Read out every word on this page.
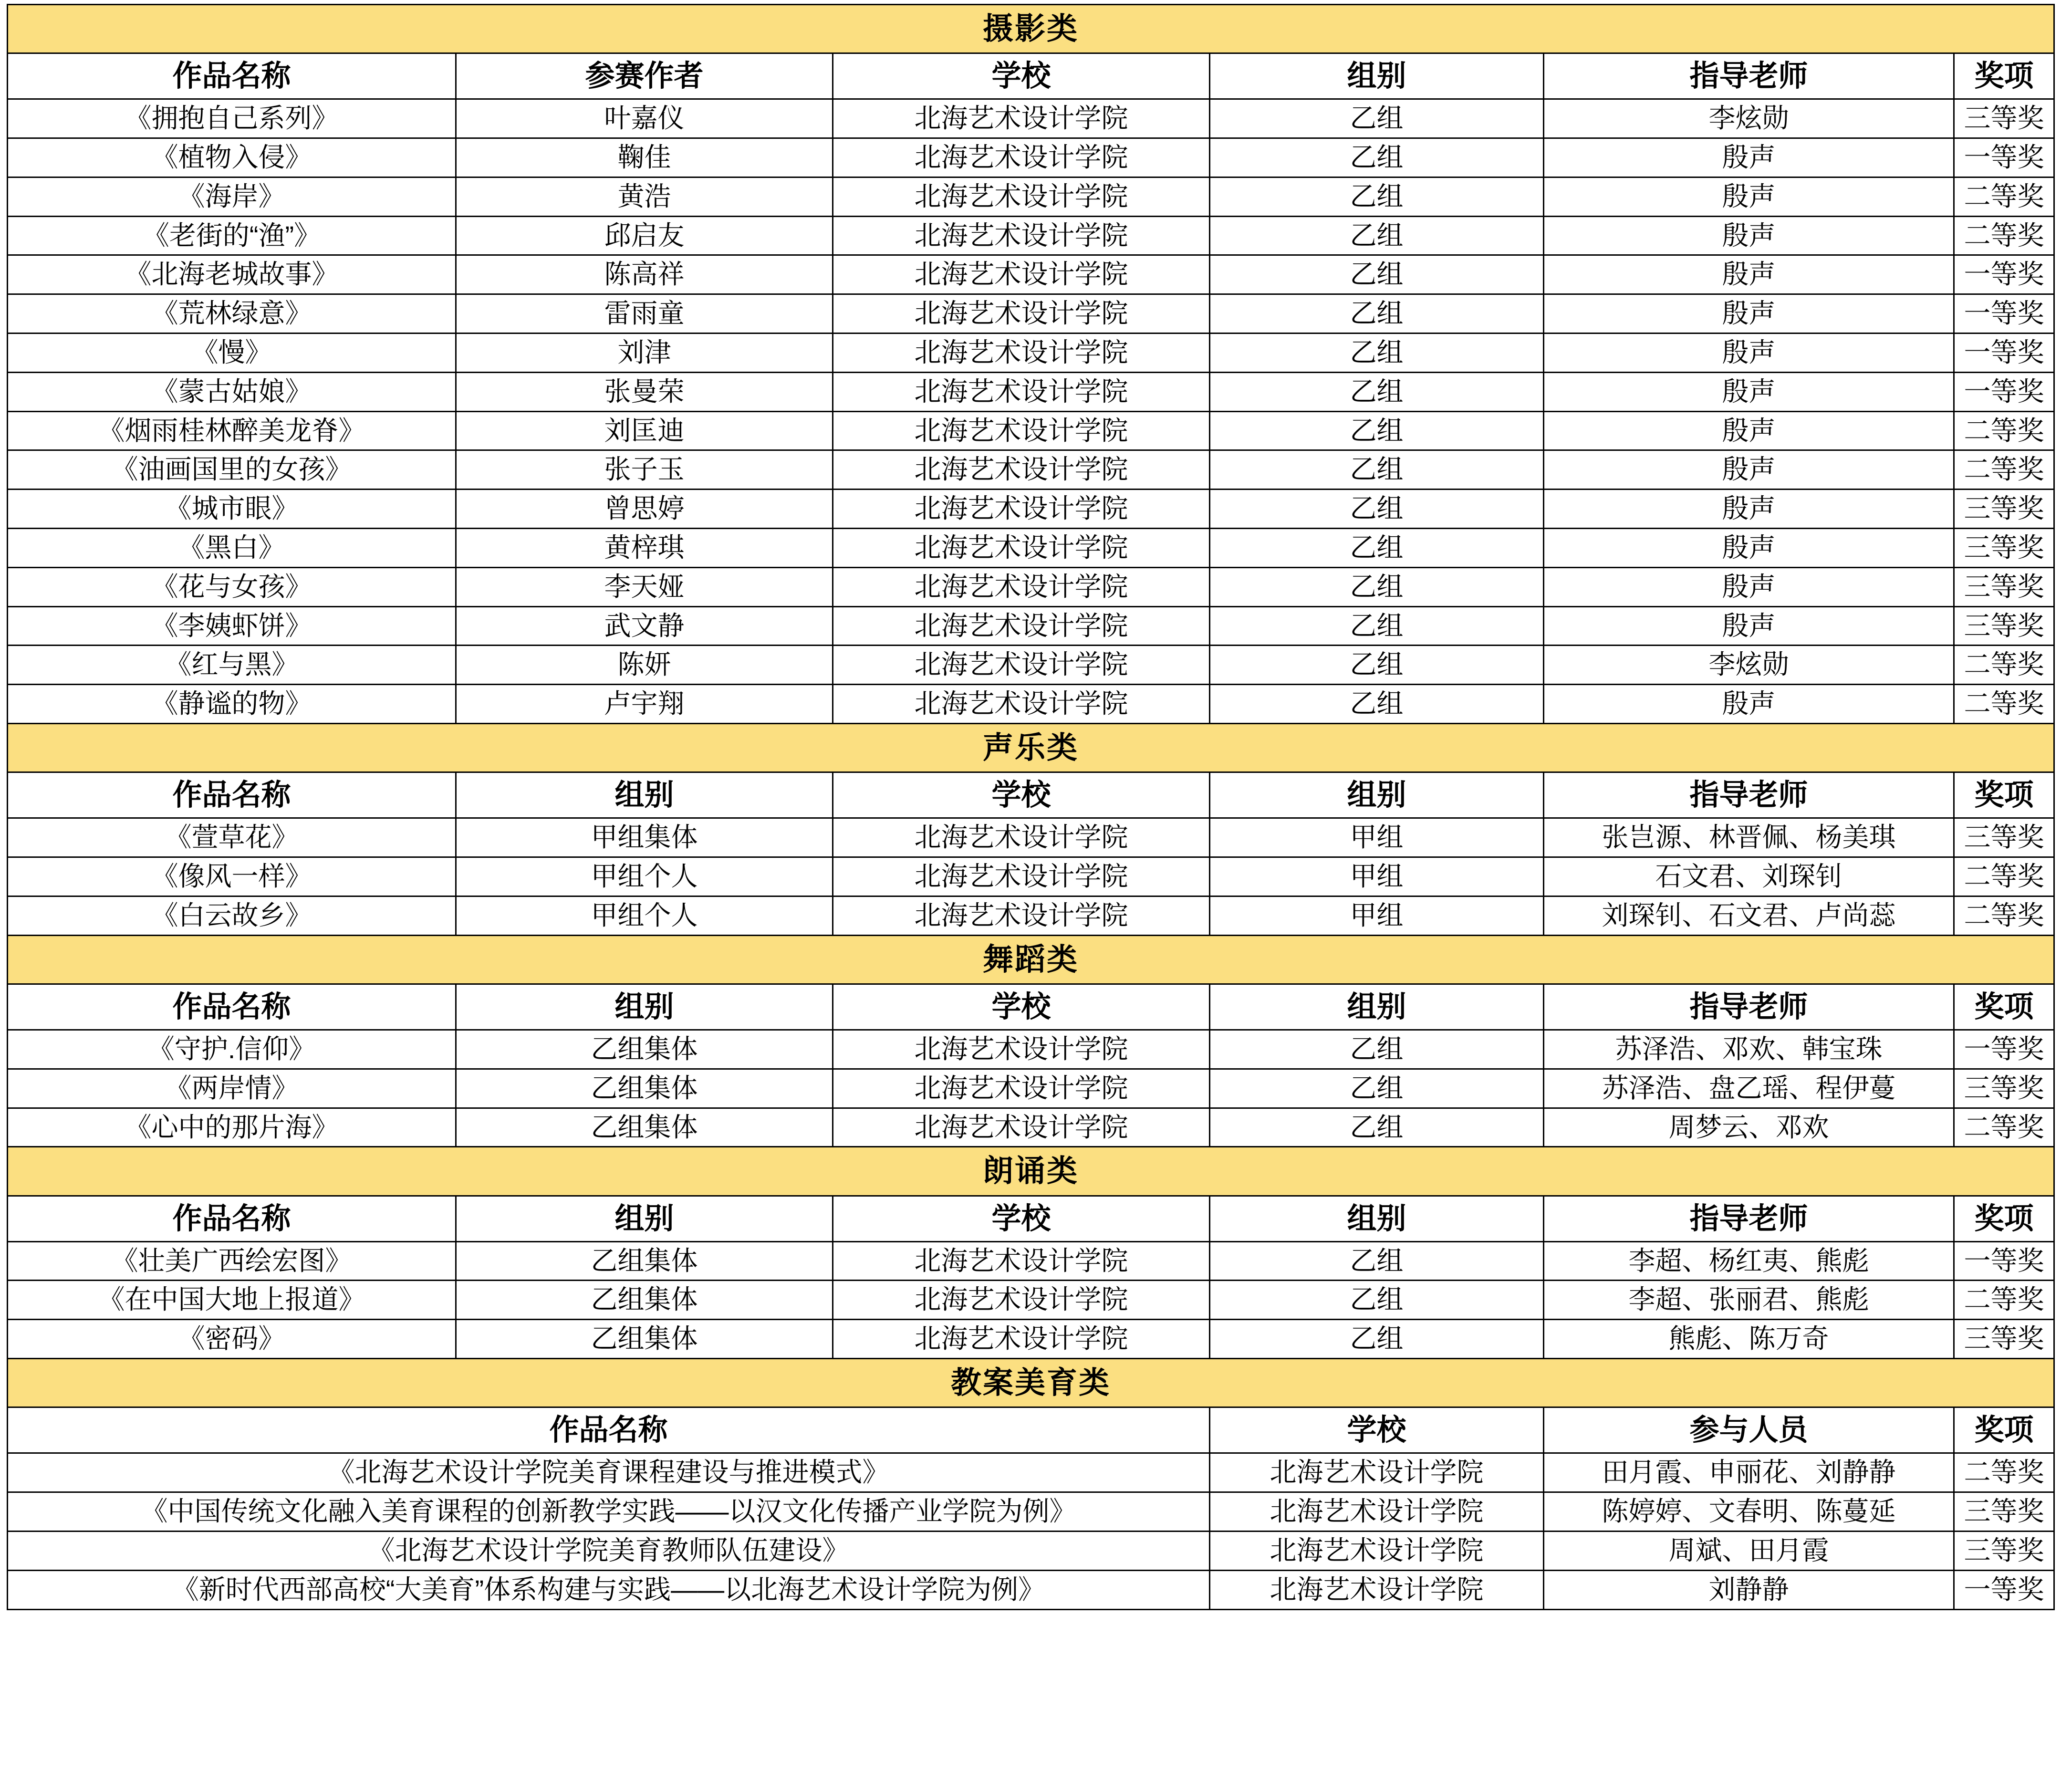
摄影类					
作品名称	参赛作者	学校	组别	指导老师	奖项
《拥抱自己系列》	叶嘉仪	北海艺术设计学院	乙组	李炫勋	三等奖
《植物入侵》	鞠佳	北海艺术设计学院	乙组	殷声	一等奖
《海岸》	黄浩	北海艺术设计学院	乙组	殷声	二等奖
《老街的“渔”》	邱启友	北海艺术设计学院	乙组	殷声	二等奖
《北海老城故事》	陈高祥	北海艺术设计学院	乙组	殷声	一等奖
《荒林绿意》	雷雨童	北海艺术设计学院	乙组	殷声	一等奖
《慢》	刘津	北海艺术设计学院	乙组	殷声	一等奖
《蒙古姑娘》	张曼荣	北海艺术设计学院	乙组	殷声	一等奖
《烟雨桂林醉美龙脊》	刘匡迪	北海艺术设计学院	乙组	殷声	二等奖
《油画国里的女孩》	张子玉	北海艺术设计学院	乙组	殷声	二等奖
《城市眼》	曾思婷	北海艺术设计学院	乙组	殷声	三等奖
《黑白》	黄梓琪	北海艺术设计学院	乙组	殷声	三等奖
《花与女孩》	李天娅	北海艺术设计学院	乙组	殷声	三等奖
《李姨虾饼》	武文静	北海艺术设计学院	乙组	殷声	三等奖
《红与黑》	陈妍	北海艺术设计学院	乙组	李炫勋	二等奖
《静谧的物》	卢宇翔	北海艺术设计学院	乙组	殷声	二等奖
声乐类					
作品名称	组别	学校	组别	指导老师	奖项
《萱草花》	甲组集体	北海艺术设计学院	甲组	张岂源、林晋佩、杨美琪	三等奖
《像风一样》	甲组个人	北海艺术设计学院	甲组	石文君、刘琛钊	二等奖
《白云故乡》	甲组个人	北海艺术设计学院	甲组	刘琛钊、石文君、卢尚蕊	二等奖
舞蹈类					
作品名称	组别	学校	组别	指导老师	奖项
《守护.信仰》	乙组集体	北海艺术设计学院	乙组	苏泽浩、邓欢、韩宝珠	一等奖
《两岸情》	乙组集体	北海艺术设计学院	乙组	苏泽浩、盘乙瑶、程伊蔓	三等奖
《心中的那片海》	乙组集体	北海艺术设计学院	乙组	周梦云、邓欢	二等奖
朗诵类					
作品名称	组别	学校	组别	指导老师	奖项
《壮美广西绘宏图》	乙组集体	北海艺术设计学院	乙组	李超、杨红夷、熊彪	一等奖
《在中国大地上报道》	乙组集体	北海艺术设计学院	乙组	李超、张丽君、熊彪	二等奖
《密码》	乙组集体	北海艺术设计学院	乙组	熊彪、陈万奇	三等奖
教案美育类					
作品名称			学校	参与人员	奖项
《北海艺术设计学院美育课程建设与推进模式》			北海艺术设计学院	田月霞、申丽花、刘静静	二等奖
《中国传统文化融入美育课程的创新教学实践——以汉文化传播产业学院为例》			北海艺术设计学院	陈婷婷、文春明、陈蔓延	三等奖
《北海艺术设计学院美育教师队伍建设》			北海艺术设计学院	周斌、田月霞	三等奖
《新时代西部高校“大美育”体系构建与实践——以北海艺术设计学院为例》			北海艺术设计学院	刘静静	一等奖
